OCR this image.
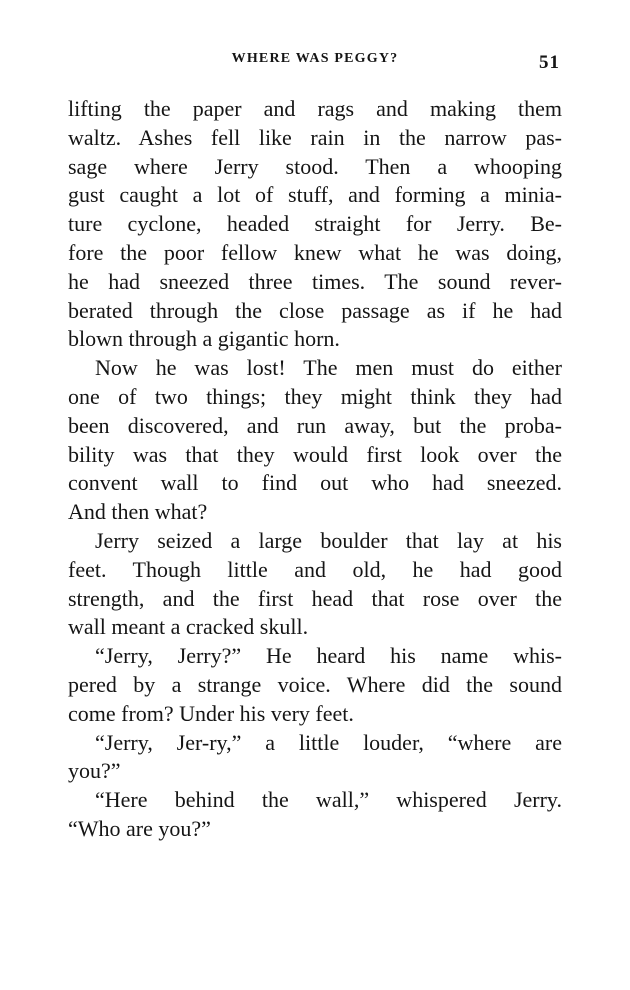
WHERE WAS PEGGY?	51
lifting the paper and rags and making them
waltz. Ashes fell like rain in the narrow pas-
sage where Jerry stood. Then a whooping
gust caught a lot of stuff, and forming a minia-
ture cyclone, headed straight for Jerry. Be-
fore the poor fellow knew what he was doing,
he had sneezed three times. The sound rever-
berated through the close passage as if he had
blown through a gigantic horn.
Now he was lost! The men must do either
one of two things; they might think they had
been discovered, and run away, but the proba-
bility was that they would first look over the
convent wall to find out who had sneezed.
And then what?
Jerry seized a large boulder that lay at his
feet. Though little and old, he had good
strength, and the first head that rose over the
wall meant a cracked skull.
“Jerry, Jerry?” He heard his name whis-
pered by a strange voice. Where did the sound
come from? Under his very feet.
“Jerry, Jer-ry,” a little louder, “where are
you?”
“Here behind the wall,” whispered Jerry.
“Who are you?”
